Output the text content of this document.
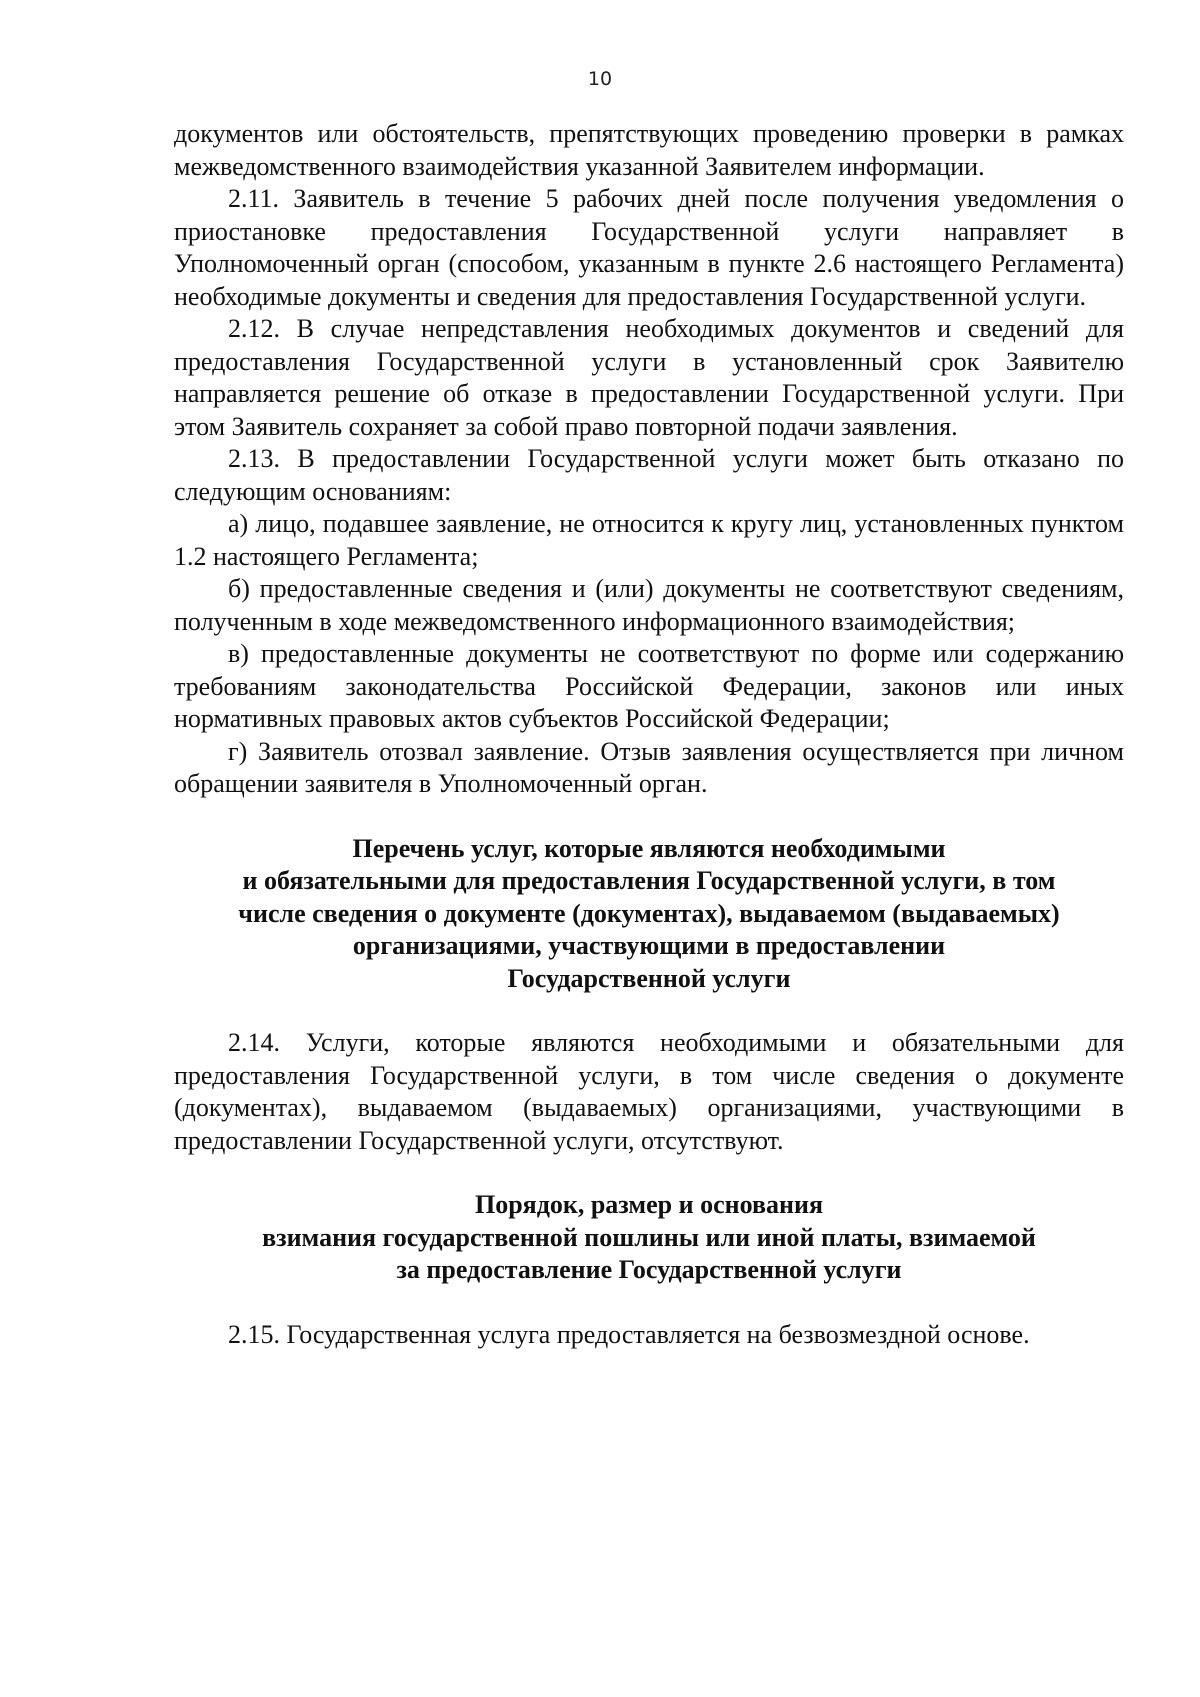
10

документов или обстоятельств, препятствующих проведению проверки в рамках межведомственного взаимодействия указанной Заявителем информации.

2.11. Заявитель в течение 5 рабочих дней после получения уведомления о приостановке предоставления Государственной услуги направляет в Уполномоченный орган (способом, указанным в пункте 2.6 настоящего Регламента) необходимые документы и сведения для предоставления Государственной услуги.

2.12. В случае непредставления необходимых документов и сведений для предоставления Государственной услуги в установленный срок Заявителю направляется решение об отказе в предоставлении Государственной услуги. При этом Заявитель сохраняет за собой право повторной подачи заявления.

2.13. В предоставлении Государственной услуги может быть отказано по следующим основаниям:

а) лицо, подавшее заявление, не относится к кругу лиц, установленных пунктом 1.2 настоящего Регламента;

б) предоставленные сведения и (или) документы не соответствуют сведениям, полученным в ходе межведомственного информационного взаимодействия;

в) предоставленные документы не соответствуют по форме или содержанию требованиям законодательства Российской Федерации, законов или иных нормативных правовых актов субъектов Российской Федерации;

г) Заявитель отозвал заявление. Отзыв заявления осуществляется при личном обращении заявителя в Уполномоченный орган.

Перечень услуг, которые являются необходимыми
и обязательными для предоставления Государственной услуги, в том
числе сведения о документе (документах), выдаваемом (выдаваемых)
организациями, участвующими в предоставлении
Государственной услуги

2.14. Услуги, которые являются необходимыми и обязательными для предоставления Государственной услуги, в том числе сведения о документе (документах), выдаваемом (выдаваемых) организациями, участвующими в предоставлении Государственной услуги, отсутствуют.

Порядок, размер и основания
взимания государственной пошлины или иной платы, взимаемой
за предоставление Государственной услуги

2.15. Государственная услуга предоставляется на безвозмездной основе.
